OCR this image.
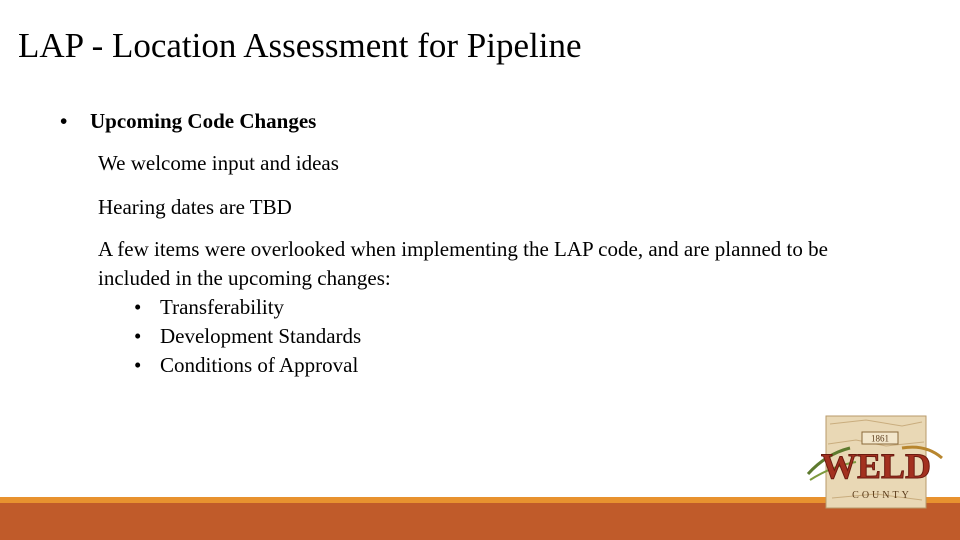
LAP - Location Assessment for Pipeline
• Upcoming Code Changes

We welcome input and ideas

Hearing dates are TBD

A few items were overlooked when implementing the LAP code, and are planned to be included in the upcoming changes:
• Transferability
• Development Standards
• Conditions of Approval
1861
WELD
COUNTY
